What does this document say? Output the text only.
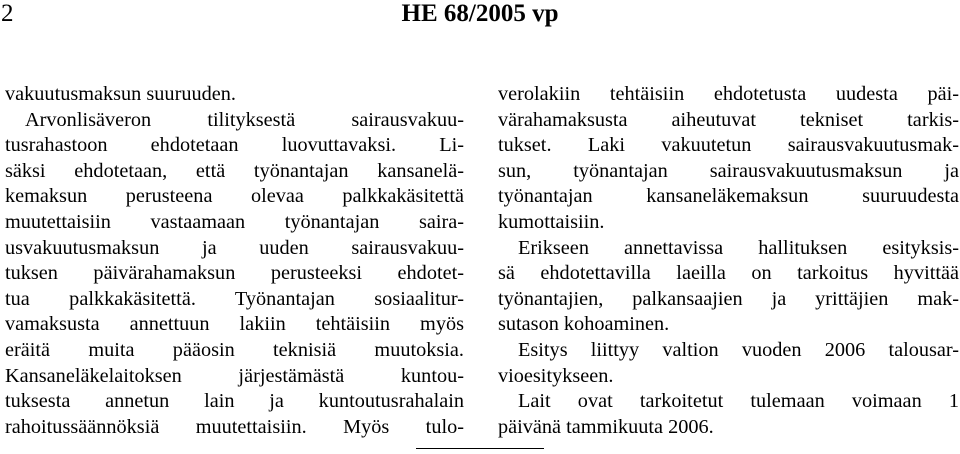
2	HE 68/2005 vp
vakuutusmaksun suuruuden.
Arvonlisäveron tilityksestä sairausvakuu-
tusrahastoon ehdotetaan luovuttavaksi. Li-
säksi ehdotetaan, että työnantajan kansanelä-
kemaksun perusteena olevaa palkkakäsitettä
muutettaisiin vastaamaan työnantajan saira-
usvakuutusmaksun ja uuden sairausvakuu-
tuksen päivärahamaksun perusteeksi ehdotet-
tua palkkakäsitettä. Työnantajan sosiaalitur-
vamaksusta annettuun lakiin tehtäisiin myös
eräitä muita pääosin teknisiä muutoksia.
Kansaneläkelaitoksen järjestämästä kuntou-
tuksesta annetun lain ja kuntoutusrahalain
rahoitussäännöksiä muutettaisiin. Myös tulo-
verolakiin tehtäisiin ehdotetusta uudesta päi-
värahamaksusta aiheutuvat tekniset tarkis-
tukset. Laki vakuutetun sairausvakuutusmak-
sun, työnantajan sairausvakuutusmaksun ja
työnantajan kansaneläkemaksun suuruudesta
kumottaisiin.
Erikseen annettavissa hallituksen esityksis-
sä ehdotettavilla laeilla on tarkoitus hyvittää
työnantajien, palkansaajien ja yrittäjien mak-
sutason kohoaminen.
Esitys liittyy valtion vuoden 2006 talousar-
vioesitykseen.
Lait ovat tarkoitetut tulemaan voimaan 1
päivänä tammikuuta 2006.
